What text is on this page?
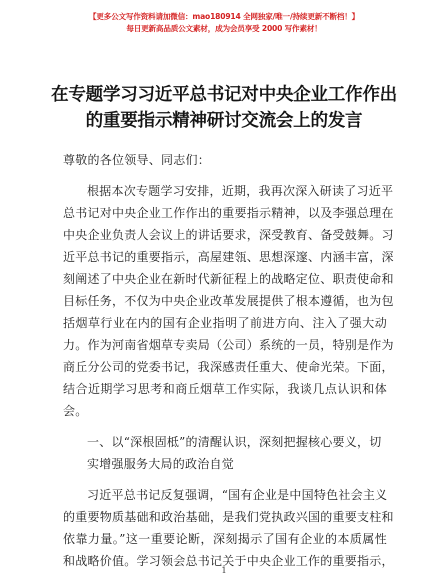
【更多公文写作资料请加微信：mao180914 全网独家/唯一/持续更新不断档！】
每日更新高品质公文素材，成为会员享受 2000 写作素材！
在专题学习习近平总书记对中央企业工作作出
的重要指示精神研讨交流会上的发言
尊敬的各位领导、同志们：
根据本次专题学习安排，近期，我再次深入研读了习近平
总书记对中央企业工作作出的重要指示精神，以及李强总理在
中央企业负责人会议上的讲话要求，深受教育、备受鼓舞。习
近平总书记的重要指示，高屋建瓴、思想深邃、内涵丰富，深
刻阐述了中央企业在新时代新征程上的战略定位、职责使命和
目标任务，不仅为中央企业改革发展提供了根本遵循，也为包
括烟草行业在内的国有企业指明了前进方向、注入了强大动
力。作为河南省烟草专卖局（公司）系统的一员，特别是作为
商丘分公司的党委书记，我深感责任重大、使命光荣。下面，
结合近期学习思考和商丘烟草工作实际，我谈几点认识和体
会。
一、以“深根固柢”的清醒认识，深刻把握核心要义，切
实增强服务大局的政治自觉
习近平总书记反复强调，“国有企业是中国特色社会主义
的重要物质基础和政治基础，是我们党执政兴国的重要支柱和
依靠力量。”这一重要论断，深刻揭示了国有企业的本质属性
和战略价值。学习领会总书记关于中央企业工作的重要指示，
1
